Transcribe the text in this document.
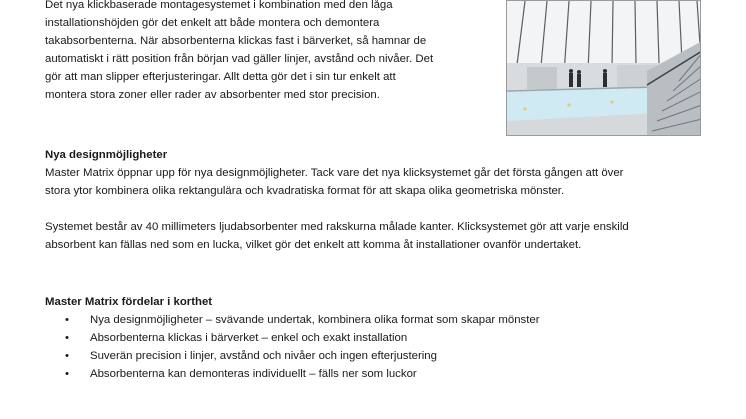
Det nya klickbaserade montagesystemet i kombination med den låga
installationshöjden gör det enkelt att både montera och demontera
takabsorbenterna. När absorbenterna klickas fast i bärverket, så hamnar de
automatiskt i rätt position från början vad gäller linjer, avstånd och nivåer. Det
gör att man slipper efterjusteringar. Allt detta gör det i sin tur enkelt att
montera stora zoner eller rader av absorbenter med stor precision.
Nya designmöjligheter
Master Matrix öppnar upp för nya designmöjligheter. Tack vare det nya klicksystemet går det första gången att över
stora ytor kombinera olika rektangulära och kvadratiska format för att skapa olika geometriska mönster.
Systemet består av 40 millimeters ljudabsorbenter med rakskurna målade kanter. Klicksystemet gör att varje enskild
absorbent kan fällas ned som en lucka, vilket gör det enkelt att komma åt installationer ovanför undertaket.
Master Matrix fördelar i korthet
• Nya designmöjligheter – svävande undertak, kombinera olika format som skapar mönster
• Absorbenterna klickas i bärverket – enkel och exakt installation
• Suverän precision i linjer, avstånd och nivåer och ingen efterjustering
• Absorbenterna kan demonteras individuellt – fälls ner som luckor
